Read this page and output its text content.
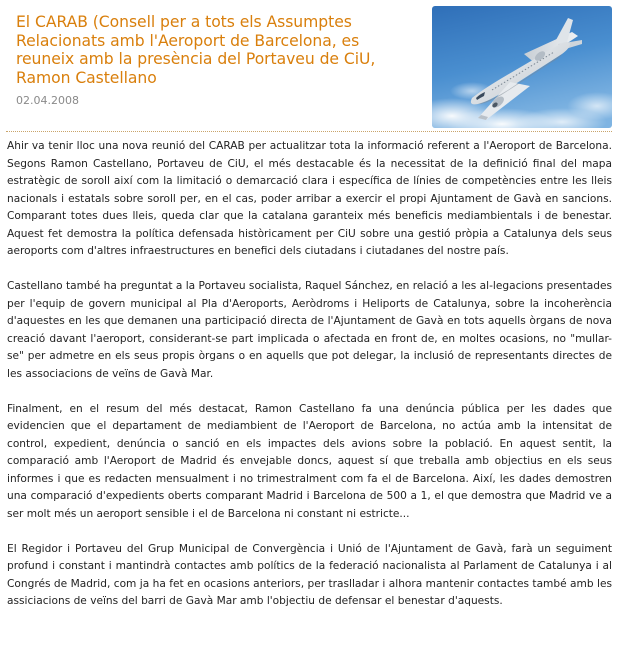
El CARAB (Consell per a tots els Assumptes Relacionats amb l'Aeroport de Barcelona, es reuneix amb la presència del Portaveu de CiU, Ramon Castellano
02.04.2008

Ahir va tenir lloc una nova reunió del CARAB per actualitzar tota la informació referent a l'Aeroport de Barcelona. Segons Ramon Castellano, Portaveu de CiU, el més destacable és la necessitat de la definició final del mapa estratègic de soroll així com la limitació o demarcació clara i específica de línies de competències entre les lleis nacionals i estatals sobre soroll per, en el cas, poder arribar a exercir el propi Ajuntament de Gavà en sancions. Comparant totes dues lleis, queda clar que la catalana garanteix més beneficis mediambientals i de benestar. Aquest fet demostra la política defensada històricament per CiU sobre una gestió pròpia a Catalunya dels seus aeroports com d'altres infraestructures en benefici dels ciutadans i ciutadanes del nostre país.

Castellano també ha preguntat a la Portaveu socialista, Raquel Sánchez, en relació a les al-legacions presentades per l'equip de govern municipal al Pla d'Aeroports, Aeròdroms i Heliports de Catalunya, sobre la incoherència d'aquestes en les que demanen una participació directa de l'Ajuntament de Gavà en tots aquells òrgans de nova creació davant l'aeroport, considerant-se part implicada o afectada en front de, en moltes ocasions, no "mullar-se" per admetre en els seus propis òrgans o en aquells que pot delegar, la inclusió de representants directes de les associacions de veïns de Gavà Mar.

Finalment, en el resum del més destacat, Ramon Castellano fa una denúncia pública per les dades que evidencien que el departament de mediambient de l'Aeroport de Barcelona, no actúa amb la intensitat de control, expedient, denúncia o sanció en els impactes dels avions sobre la població. En aquest sentit, la comparació amb l'Aeroport de Madrid és envejable doncs, aquest sí que treballa amb objectius en els seus informes i que es redacten mensualment i no trimestralment com fa el de Barcelona. Així, les dades demostren una comparació d'expedients oberts comparant Madrid i Barcelona de 500 a 1, el que demostra que Madrid ve a ser molt més un aeroport sensible i el de Barcelona ni constant ni estricte...

El Regidor i Portaveu del Grup Municipal de Convergència i Unió de l'Ajuntament de Gavà, farà un seguiment profund i constant i mantindrà contactes amb polítics de la federació nacionalista al Parlament de Catalunya i al Congrés de Madrid, com ja ha fet en ocasions anteriors, per traslladar i alhora mantenir contactes també amb les assiciacions de veïns del barri de Gavà Mar amb l'objectiu de defensar el benestar d'aquests.
